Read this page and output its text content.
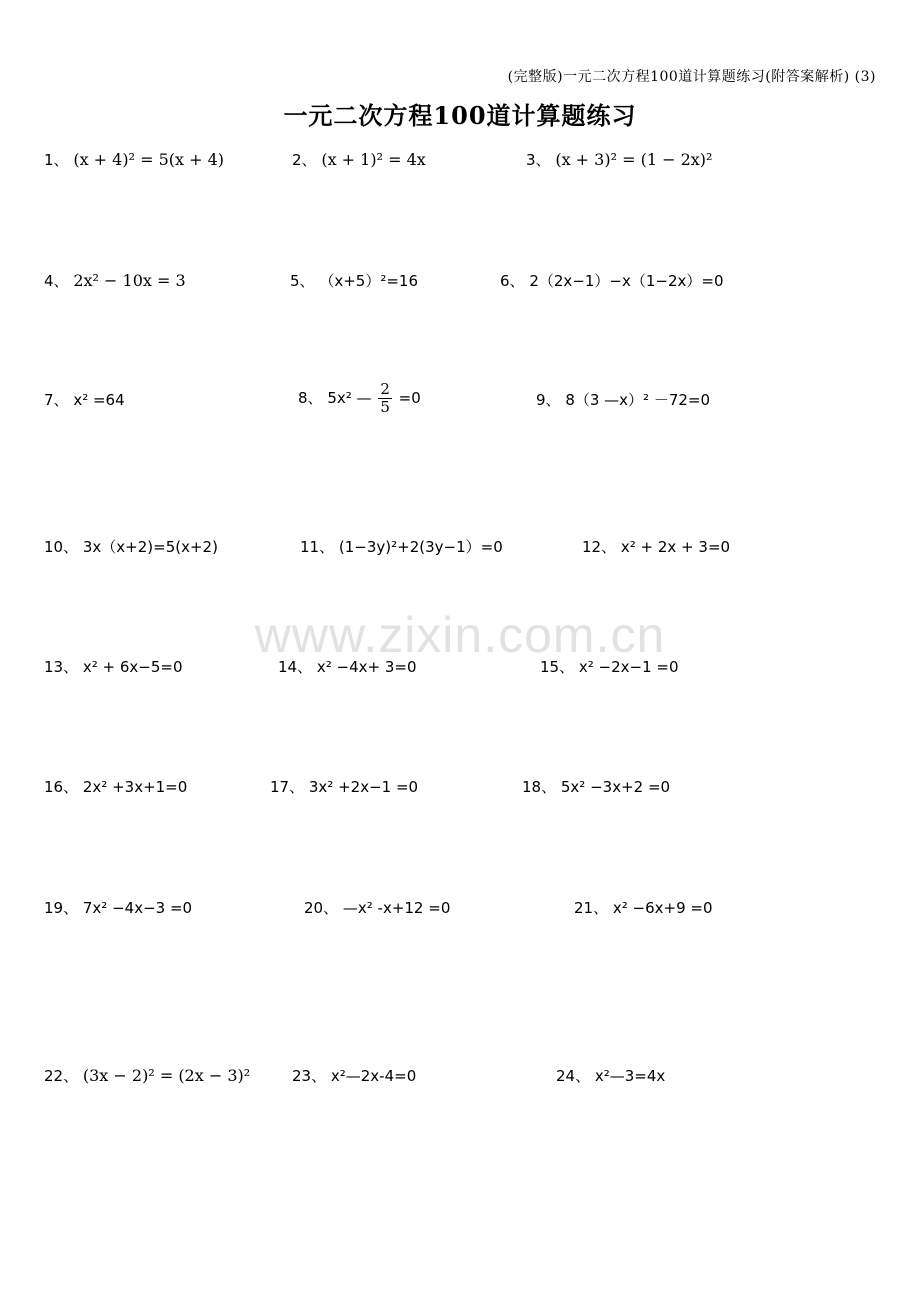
(完整版)一元二次方程100道计算题练习(附答案解析) (3)
一元二次方程100道计算题练习
www.zixin.com.cn
1、 (x + 4)² = 5(x + 4)	2、 (x + 1)² = 4x	3、 (x + 3)² = (1 − 2x)²
4、 2x² − 10x = 3	5、 （x+5）²=16	6、 2（2x−1）−x（1−2x）=0
7、 x² =64	8、 5x² — $\frac{2}{5} =0$	9、 8（3 —x）² －72=0
10、 3x（x+2)=5(x+2)	11、 (1−3y)²+2(3y−1）=0	12、 x² + 2x + 3=0
13、 x² + 6x−5=0	14、 x² −4x+ 3=0	15、 x² −2x−1 =0
16、 2x² +3x+1=0	17、 3x² +2x−1 =0	18、 5x² −3x+2 =0
19、 7x² −4x−3 =0	20、 —x² -x+12 =0	21、 x² −6x+9 =0
22、 (3x − 2)² = (2x − 3)²	23、 x²—2x-4=0	24、 x²—3=4x
